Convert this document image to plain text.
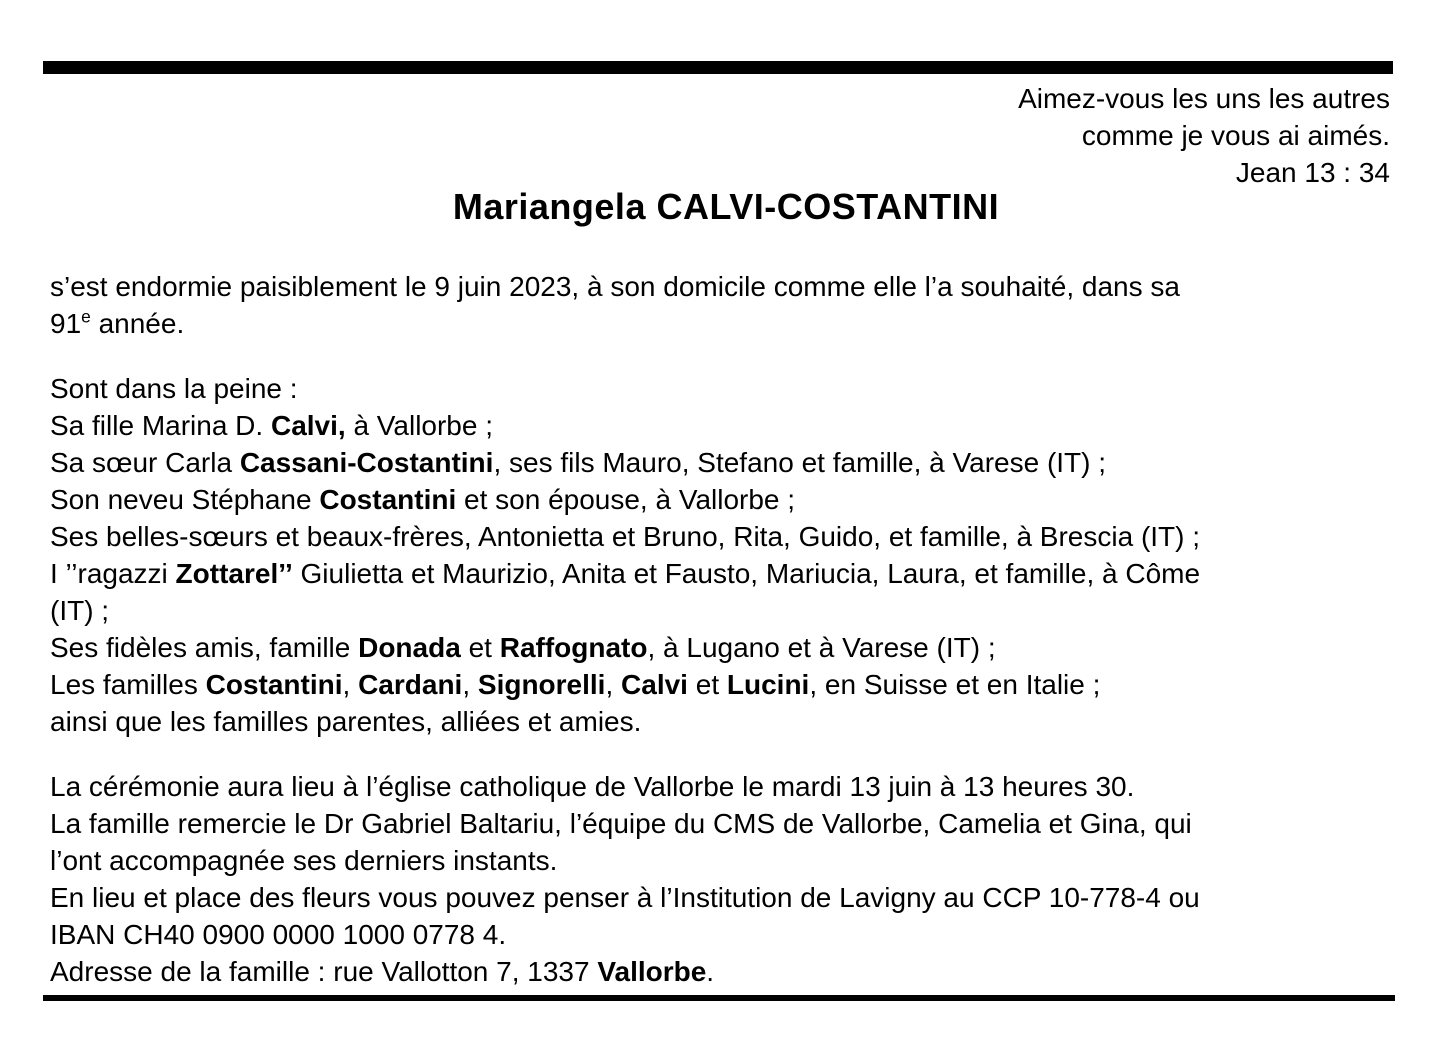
Aimez-vous les uns les autres
comme je vous ai aimés.
Jean 13 : 34
Mariangela CALVI-COSTANTINI
s’est endormie paisiblement le 9 juin 2023, à son domicile comme elle l’a souhaité, dans sa
91e année.
Sont dans la peine :
Sa fille Marina D. Calvi, à Vallorbe ;
Sa sœur Carla Cassani-Costantini, ses fils Mauro, Stefano et famille, à Varese (IT) ;
Son neveu Stéphane Costantini et son épouse, à Vallorbe ;
Ses belles-sœurs et beaux-frères, Antonietta et Bruno, Rita, Guido, et famille, à Brescia (IT) ;
I ’’ragazzi Zottarel’’ Giulietta et Maurizio, Anita et Fausto, Mariucia, Laura, et famille, à Côme
(IT) ;
Ses fidèles amis, famille Donada et Raffognato, à Lugano et à Varese (IT) ;
Les familles Costantini, Cardani, Signorelli, Calvi et Lucini, en Suisse et en Italie ;
ainsi que les familles parentes, alliées et amies.
La cérémonie aura lieu à l’église catholique de Vallorbe le mardi 13 juin à 13 heures 30.
La famille remercie le Dr Gabriel Baltariu, l’équipe du CMS de Vallorbe, Camelia et Gina, qui
l’ont accompagnée ses derniers instants.
En lieu et place des fleurs vous pouvez penser à l’Institution de Lavigny au CCP 10-778-4 ou
IBAN CH40 0900 0000 1000 0778 4.
Adresse de la famille : rue Vallotton 7, 1337 Vallorbe.
